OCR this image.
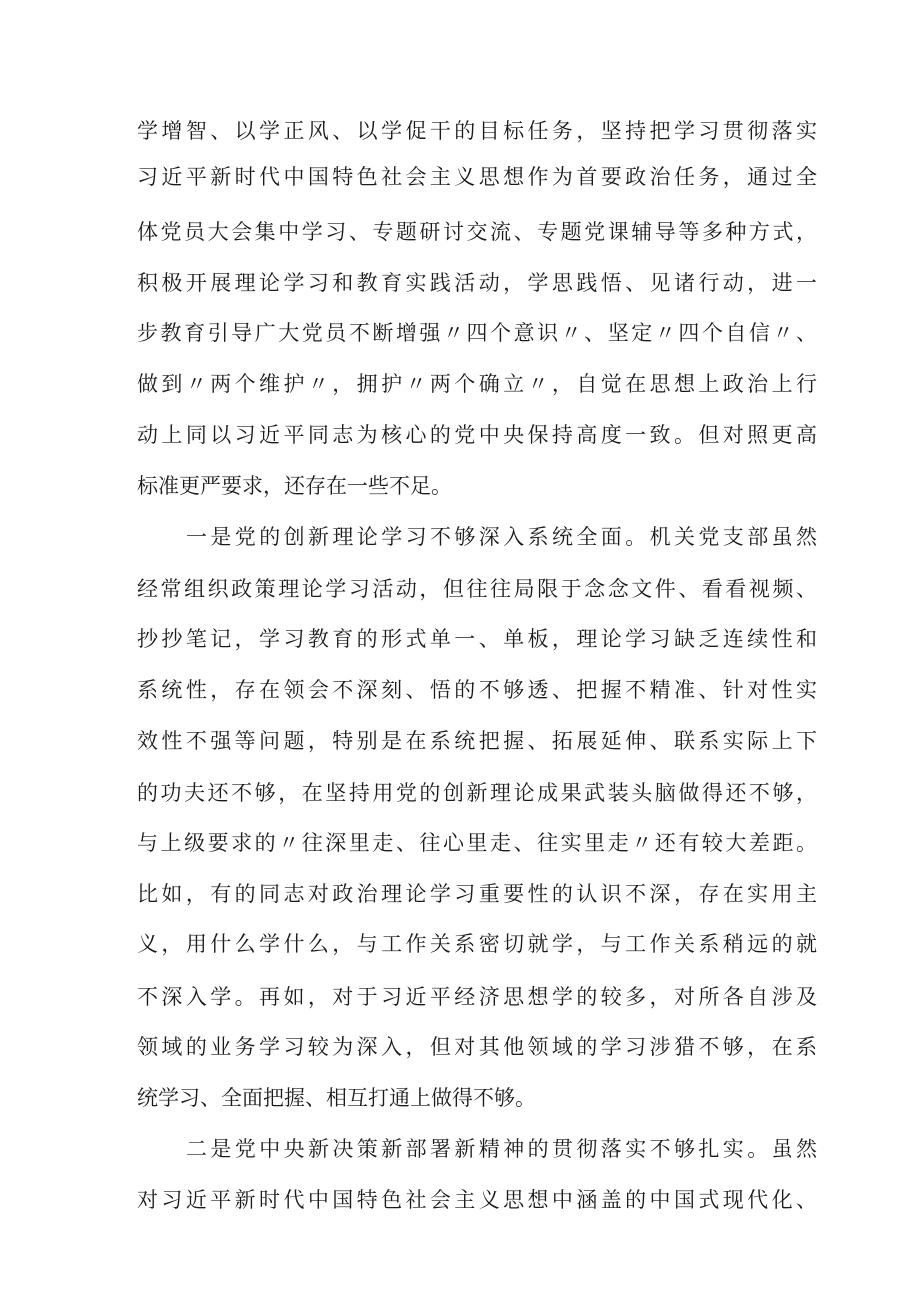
学增智、以学正风、以学促干的目标任务，坚持把学习贯彻落实
习近平新时代中国特色社会主义思想作为首要政治任务，通过全
体党员大会集中学习、专题研讨交流、专题党课辅导等多种方式，
积极开展理论学习和教育实践活动，学思践悟、见诸行动，进一
步教育引导广大党员不断增强〃四个意识〃、坚定〃四个自信〃、
做到〃两个维护〃，拥护〃两个确立〃，自觉在思想上政治上行
动上同以习近平同志为核心的党中央保持高度一致。但对照更高
标准更严要求，还存在一些不足。
一是党的创新理论学习不够深入系统全面。机关党支部虽然
经常组织政策理论学习活动，但往往局限于念念文件、看看视频、
抄抄笔记，学习教育的形式单一、单板，理论学习缺乏连续性和
系统性，存在领会不深刻、悟的不够透、把握不精准、针对性实
效性不强等问题，特别是在系统把握、拓展延伸、联系实际上下
的功夫还不够，在坚持用党的创新理论成果武装头脑做得还不够，
与上级要求的〃往深里走、往心里走、往实里走〃还有较大差距。
比如，有的同志对政治理论学习重要性的认识不深，存在实用主
义，用什么学什么，与工作关系密切就学，与工作关系稍远的就
不深入学。再如，对于习近平经济思想学的较多，对所各自涉及
领域的业务学习较为深入，但对其他领域的学习涉猎不够，在系
统学习、全面把握、相互打通上做得不够。
二是党中央新决策新部署新精神的贯彻落实不够扎实。虽然
对习近平新时代中国特色社会主义思想中涵盖的中国式现代化、
